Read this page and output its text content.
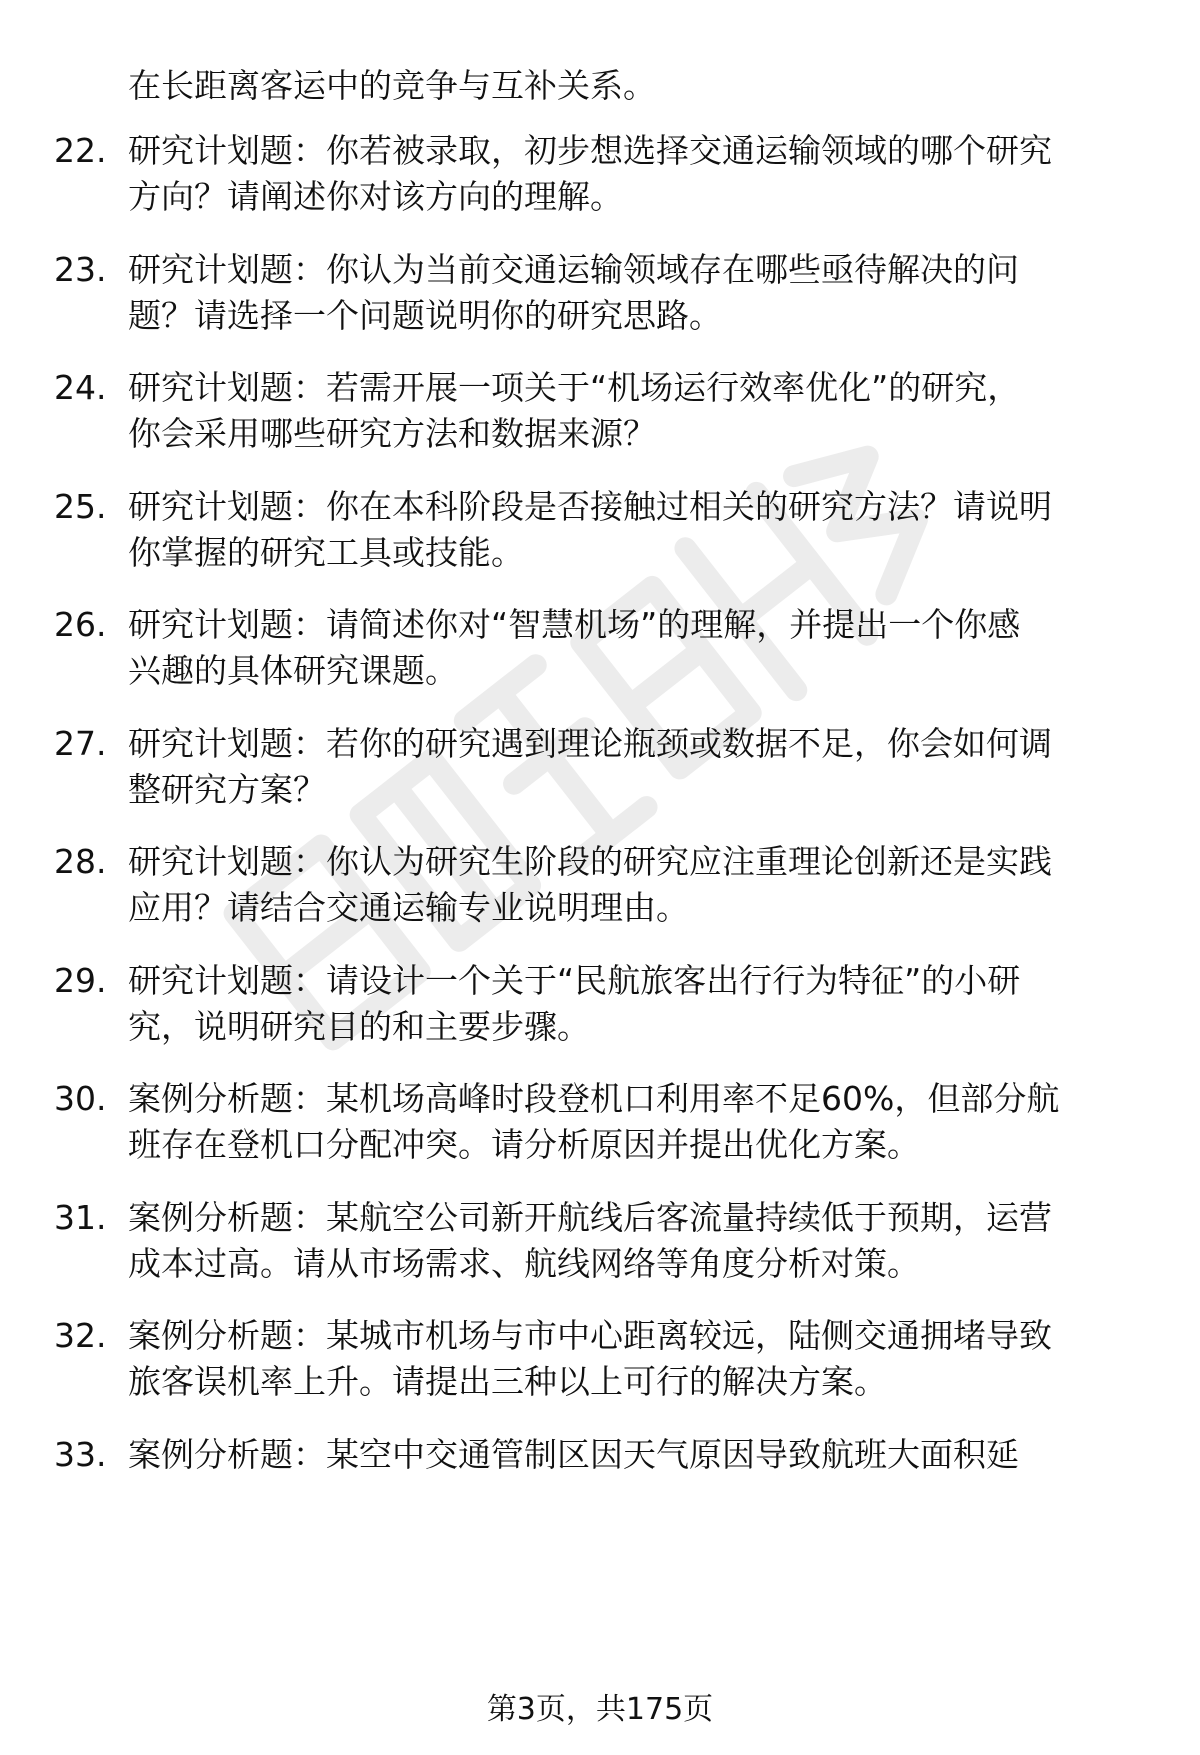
在长距离客运中的竞争与互补关系。
22. 研究计划题：你若被录取，初步想选择交通运输领域的哪个研究
方向？请阐述你对该方向的理解。
23. 研究计划题：你认为当前交通运输领域存在哪些亟待解决的问
题？请选择一个问题说明你的研究思路。
24. 研究计划题：若需开展一项关于“机场运行效率优化”的研究，
你会采用哪些研究方法和数据来源？
25. 研究计划题：你在本科阶段是否接触过相关的研究方法？请说明
你掌握的研究工具或技能。
26. 研究计划题：请简述你对“智慧机场”的理解，并提出一个你感
兴趣的具体研究课题。
27. 研究计划题：若你的研究遇到理论瓶颈或数据不足，你会如何调
整研究方案？
28. 研究计划题：你认为研究生阶段的研究应注重理论创新还是实践
应用？请结合交通运输专业说明理由。
29. 研究计划题：请设计一个关于“民航旅客出行行为特征”的小研
究，说明研究目的和主要步骤。
30. 案例分析题：某机场高峰时段登机口利用率不足60%，但部分航
班存在登机口分配冲突。请分析原因并提出优化方案。
31. 案例分析题：某航空公司新开航线后客流量持续低于预期，运营
成本过高。请从市场需求、航线网络等角度分析对策。
32. 案例分析题：某城市机场与市中心距离较远，陆侧交通拥堵导致
旅客误机率上升。请提出三种以上可行的解决方案。
33. 案例分析题：某空中交通管制区因天气原因导致航班大面积延
第3页，共175页
